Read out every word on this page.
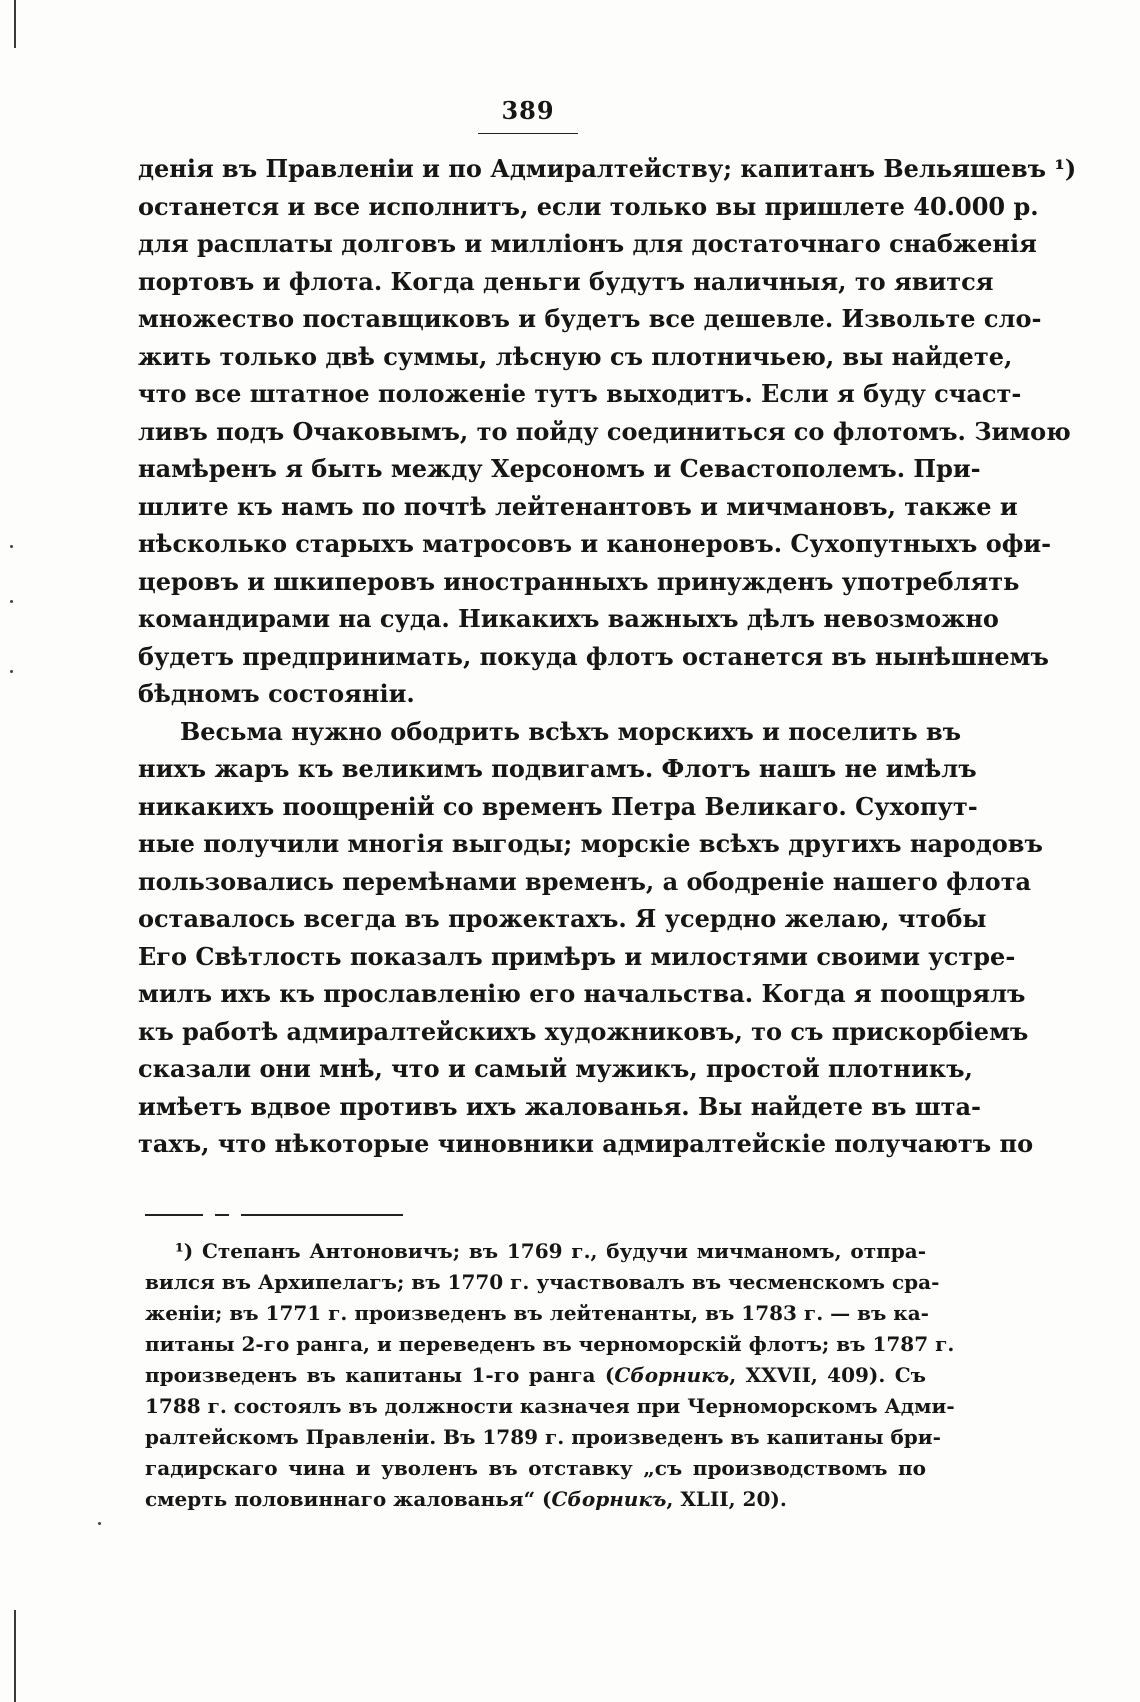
389
денія въ Правленіи и по Адмиралтейству; капитанъ Вельяшевъ ¹)
останется и все исполнитъ, если только вы пришлете 40.000 р.
для расплаты долговъ и милліонъ для достаточнаго снабженія
портовъ и флота. Когда деньги будутъ наличныя, то явится
множество поставщиковъ и будетъ все дешевле. Извольте сло-
жить только двѣ суммы, лѣсную съ плотничьею, вы найдете,
что все штатное положеніе тутъ выходитъ. Если я буду счаст-
ливъ подъ Очаковымъ, то пойду соединиться со флотомъ. Зимою
намѣренъ я быть между Херсономъ и Севастополемъ. При-
шлите къ намъ по почтѣ лейтенантовъ и мичмановъ, также и
нѣсколько старыхъ матросовъ и канонеровъ. Сухопутныхъ офи-
церовъ и шкиперовъ иностранныхъ принужденъ употреблять
командирами на суда. Никакихъ важныхъ дѣлъ невозможно
будетъ предпринимать, покуда флотъ останется въ нынѣшнемъ
бѣдномъ состояніи.
Весьма нужно ободрить всѣхъ морскихъ и поселить въ
нихъ жаръ къ великимъ подвигамъ. Флотъ нашъ не имѣлъ
никакихъ поощреній со временъ Петра Великаго. Сухопут-
ные получили многія выгоды; морскіе всѣхъ другихъ народовъ
пользовались перемѣнами временъ, а ободреніе нашего флота
оставалось всегда въ прожектахъ. Я усердно желаю, чтобы
Его Свѣтлость показалъ примѣръ и милостями своими устре-
милъ ихъ къ прославленію его начальства. Когда я поощрялъ
къ работѣ адмиралтейскихъ художниковъ, то съ прискорбіемъ
сказали они мнѣ, что и самый мужикъ, простой плотникъ,
имѣетъ вдвое противъ ихъ жалованья. Вы найдете въ шта-
тахъ, что нѣкоторые чиновники адмиралтейскіе получаютъ по
¹) Степанъ Антоновичъ; въ 1769 г., будучи мичманомъ, отпра-
вился въ Архипелагъ; въ 1770 г. участвовалъ въ чесменскомъ сра-
женіи; въ 1771 г. произведенъ въ лейтенанты, въ 1783 г. — въ ка-
питаны 2-го ранга, и переведенъ въ черноморскій флотъ; въ 1787 г.
произведенъ въ капитаны 1-го ранга (Сборникъ, XXVII, 409). Съ
1788 г. состоялъ въ должности казначея при Черноморскомъ Адми-
ралтейскомъ Правленіи. Въ 1789 г. произведенъ въ капитаны бри-
гадирскаго чина и уволенъ въ отставку „съ производствомъ по
смерть половиннаго жалованья“ (Сборникъ, XLII, 20).
